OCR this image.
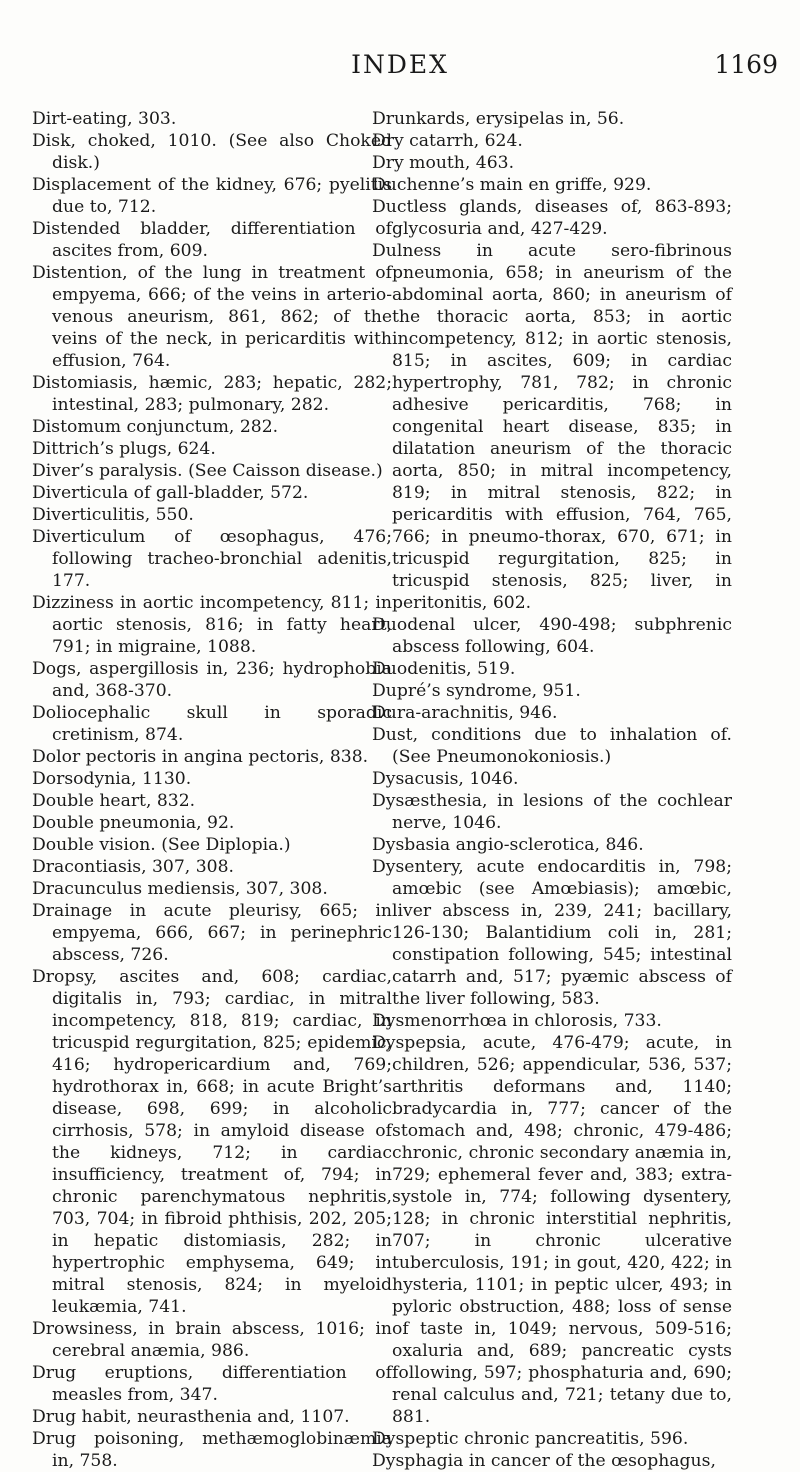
INDEX	1169
Dirt-eating, 303.
Disk, choked, 1010. (See also Choked disk.)
Displacement of the kidney, 676; pyelitis due to, 712.
Distended bladder, differentiation of ascites from, 609.
Distention, of the lung in treatment of empyema, 666; of the veins in arterio-venous aneurism, 861, 862; of the veins of the neck, in pericarditis with effusion, 764.
Distomiasis, hæmic, 283; hepatic, 282; intestinal, 283; pulmonary, 282.
Distomum conjunctum, 282.
Dittrich’s plugs, 624.
Diver’s paralysis. (See Caisson disease.)
Diverticula of gall-bladder, 572.
Diverticulitis, 550.
Diverticulum of œsophagus, 476; following tracheo-bronchial adenitis, 177.
Dizziness in aortic incompetency, 811; in aortic stenosis, 816; in fatty heart, 791; in migraine, 1088.
Dogs, aspergillosis in, 236; hydrophobia and, 368-370.
Doliocephalic skull in sporadic cretinism, 874.
Dolor pectoris in angina pectoris, 838.
Dorsodynia, 1130.
Double heart, 832.
Double pneumonia, 92.
Double vision. (See Diplopia.)
Dracontiasis, 307, 308.
Dracunculus mediensis, 307, 308.
Drainage in acute pleurisy, 665; in empyema, 666, 667; in perinephric abscess, 726.
Dropsy, ascites and, 608; cardiac, digitalis in, 793; cardiac, in mitral incompetency, 818, 819; cardiac, in tricuspid regurgitation, 825; epidemic, 416; hydropericardium and, 769; hydrothorax in, 668; in acute Bright’s disease, 698, 699; in alcoholic cirrhosis, 578; in amyloid disease of the kidneys, 712; in cardiac insufficiency, treatment of, 794; in chronic parenchymatous nephritis, 703, 704; in fibroid phthisis, 202, 205; in hepatic distomiasis, 282; in hypertrophic emphysema, 649; in mitral stenosis, 824; in myeloid leukæmia, 741.
Drowsiness, in brain abscess, 1016; in cerebral anæmia, 986.
Drug eruptions, differentiation of measles from, 347.
Drug habit, neurasthenia and, 1107.
Drug poisoning, methæmoglobinæmia in, 758.
Drunkards, erysipelas in, 56.
Dry catarrh, 624.
Dry mouth, 463.
Duchenne’s main en griffe, 929.
Ductless glands, diseases of, 863-893; glycosuria and, 427-429.
Dulness in acute sero-fibrinous pneumonia, 658; in aneurism of the abdominal aorta, 860; in aneurism of the thoracic aorta, 853; in aortic incompetency, 812; in aortic stenosis, 815; in ascites, 609; in cardiac hypertrophy, 781, 782; in chronic adhesive pericarditis, 768; in congenital heart disease, 835; in dilatation aneurism of the thoracic aorta, 850; in mitral incompetency, 819; in mitral stenosis, 822; in pericarditis with effusion, 764, 765, 766; in pneumo-thorax, 670, 671; in tricuspid regurgitation, 825; in tricuspid stenosis, 825; liver, in peritonitis, 602.
Duodenal ulcer, 490-498; subphrenic abscess following, 604.
Duodenitis, 519.
Dupré’s syndrome, 951.
Dura-arachnitis, 946.
Dust, conditions due to inhalation of. (See Pneumonokoniosis.)
Dysacusis, 1046.
Dysæsthesia, in lesions of the cochlear nerve, 1046.
Dysbasia angio-sclerotica, 846.
Dysentery, acute endocarditis in, 798; amœbic (see Amœbiasis); amœbic, liver abscess in, 239, 241; bacillary, 126-130; Balantidium coli in, 281; constipation following, 545; intestinal catarrh and, 517; pyæmic abscess of the liver following, 583.
Dysmenorrhœa in chlorosis, 733.
Dyspepsia, acute, 476-479; acute, in children, 526; appendicular, 536, 537; arthritis deformans and, 1140; bradycardia in, 777; cancer of the stomach and, 498; chronic, 479-486; chronic, chronic secondary anæmia in, 729; ephemeral fever and, 383; extra-systole in, 774; following dysentery, 128; in chronic interstitial nephritis, 707; in chronic ulcerative tuberculosis, 191; in gout, 420, 422; in hysteria, 1101; in peptic ulcer, 493; in pyloric obstruction, 488; loss of sense of taste in, 1049; nervous, 509-516; oxaluria and, 689; pancreatic cysts following, 597; phosphaturia and, 690; renal calculus and, 721; tetany due to, 881.
Dyspeptic chronic pancreatitis, 596.
Dysphagia in cancer of the œsophagus,
